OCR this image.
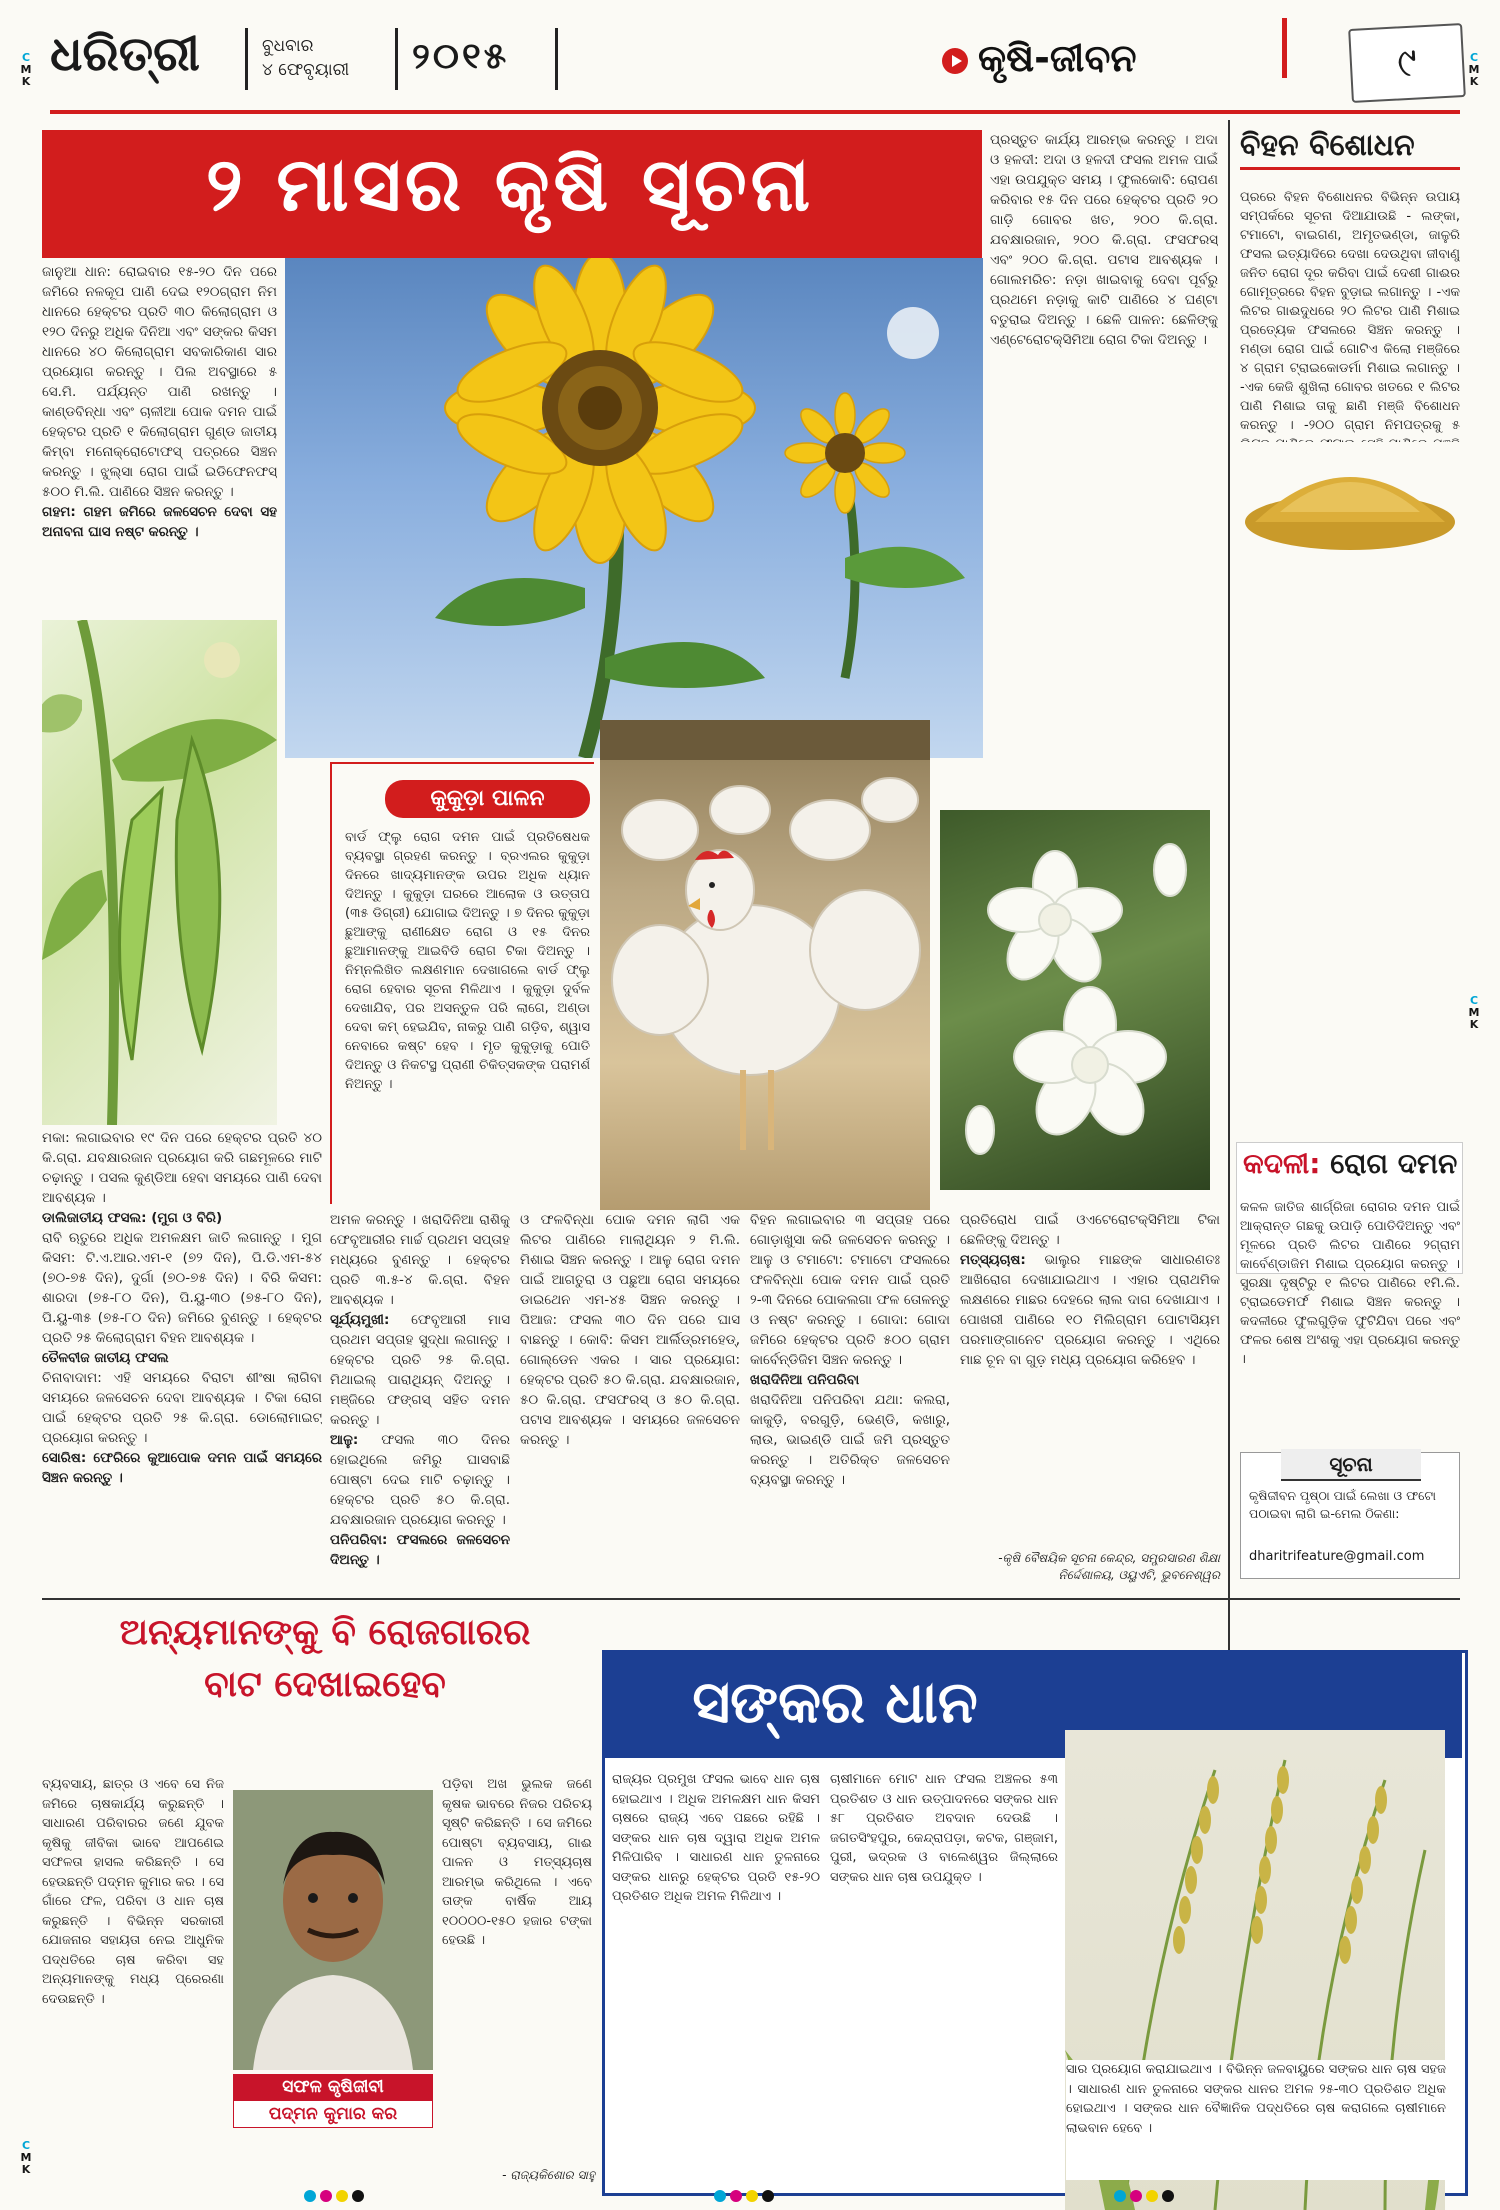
C
M
K
C
M
K
C
M
K
C
M
K
ଧରିତ୍ରୀ	ବୁଧବାର
୪ ଫେବୃୟାରୀ ୨୦୧୫	କୃଷି-ଜୀବନ	୯
୨ ମାସର କୃଷି ସୂଚନା
ଜାନୁଆ ଧାନ: ରୋଇବାର ୧୫-୨୦ ଦିନ ପରେ ଜମିରେ ନଳକୂପ ପାଣି ଦେଇ ୧୨୦ଗ୍ରାମ ନିମ ଧାନରେ ହେକ୍ଟର ପ୍ରତି ୩୦ କିଲୋଗ୍ରାମ ଓ ୧୨୦ ଦିନରୁ ଅଧିକ ଦିନିଆ ଏବଂ ସଙ୍କର କିସମ ଧାନରେ ୪୦ କିଲୋଗ୍ରାମ ସବକାରିକାଣ ସାର ପ୍ରୟୋଗ କରନ୍ତୁ । ପିଲ ଅବସ୍ଥାରେ ୫ ସେ.ମି. ପର୍ଯ୍ୟନ୍ତ ପାଣି ରଖନ୍ତୁ । କାଣ୍ଡବିନ୍ଧା ଏବଂ ଚାଳୀଆ ପୋକ ଦମନ ପାଇଁ ହେକ୍ଟର ପ୍ରତି ୧ କିଲୋଗ୍ରାମ ଗୁଣ୍ଡ ଜାତୀୟ କିମ୍ବା ମନୋକ୍ରୋଟୋଫସ୍ ପତ୍ରରେ ସିଞ୍ଚନ କରନ୍ତୁ । ଝୁଲ୍ସା ରୋଗ ପାଇଁ ଇଡିଫେନଫସ୍ ୫୦୦ ମି.ଲି. ପାଣିରେ ସିଞ୍ଚନ କରନ୍ତୁ ।
ଗହମ: ଗହମ ଜମିରେ ଜଳସେଚନ ଦେବା ସହ ଅନାବନା ଘାସ ନଷ୍ଟ କରନ୍ତୁ ।
କୁକୁଡ଼ା ପାଳନ
ବାର୍ଡ ଫ୍ଲୁ ରୋଗ ଦମନ ପାଇଁ ପ୍ରତିଷେଧକ ବ୍ୟବସ୍ଥା ଗ୍ରହଣ କରନ୍ତୁ । ବ୍ରଏଲର କୁକୁଡ଼ା ଦିନରେ ଖାଦ୍ୟମାନଙ୍କ ଉପର ଅଧିକ ଧ୍ୟାନ ଦିଅନ୍ତୁ । କୁକୁଡ଼ା ଘରରେ ଆଲୋକ ଓ ଉତ୍ତାପ (୩୫ ଡିଗ୍ରୀ) ଯୋଗାଇ ଦିଅନ୍ତୁ । ୭ ଦିନର କୁକୁଡ଼ା ଛୁଆଙ୍କୁ ରାଣୀକ୍ଷେତ ରୋଗ ଓ ୧୫ ଦିନର ଛୁଆମାନଙ୍କୁ ଆଇବିଡି ରୋଗ ଟିକା ଦିଅନ୍ତୁ । ନିମ୍ନଲିଖିତ ଲକ୍ଷଣମାନ ଦେଖାଗଲେ ବାର୍ଡ ଫ୍ଲୁ ରୋଗ ହେବାର ସୂଚନା ମିଳିଥାଏ । କୁକୁଡ଼ା ଦୁର୍ବଳ ଦେଖାଯିବ, ପର ଅସନ୍ତୁଳ ପରି ଲାଗେ, ଅଣ୍ଡା ଦେବା କମ୍ ହେଇଯିବ, ନାକରୁ ପାଣି ଗଡ଼ିବ, ଶ୍ୱାସ ନେବାରେ କଷ୍ଟ ହେବ । ମୃତ କୁକୁଡ଼ାକୁ ପୋତି ଦିଅନ୍ତୁ ଓ ନିକଟସ୍ଥ ପ୍ରାଣୀ ଚିକିତ୍ସକଙ୍କ ପରାମର୍ଶ ନିଅନ୍ତୁ ।
ପ୍ରସ୍ତୁତ କାର୍ଯ୍ୟ ଆରମ୍ଭ କରନ୍ତୁ । ଅଦା ଓ ହଳଦୀ: ଅଦା ଓ ହଳଦୀ ଫସଲ ଅମଳ ପାଇଁ ଏହା ଉପଯୁକ୍ତ ସମୟ । ଫୁଲକୋବି: ରୋପଣ କରିବାର ୧୫ ଦିନ ପରେ ହେକ୍ଟର ପ୍ରତି ୨୦ ଗାଡ଼ି ଗୋବର ଖତ, ୨୦୦ କି.ଗ୍ରା. ଯବକ୍ଷାରଜାନ, ୨୦୦ କି.ଗ୍ରା. ଫସଫରସ୍ ଏବଂ ୨୦୦ କି.ଗ୍ରା. ପଟାସ ଆବଶ୍ୟକ । ଗୋଲମରିଚ: ନଡ଼ା ଖାଇବାକୁ ଦେବା ପୂର୍ବରୁ ପ୍ରଥମେ ନଡ଼ାକୁ କାଟି ପାଣିରେ ୪ ଘଣ୍ଟା ବତୁରାଇ ଦିଅନ୍ତୁ । ଛେଳି ପାଳନ: ଛେଳିଙ୍କୁ ଏଣ୍ଟେରୋଟକ୍ସିମିଆ ରୋଗ ଟିକା ଦିଅନ୍ତୁ ।
ବିହନ ବିଶୋଧନ
ପ୍ରରେ ବିହନ ବିଶୋଧନର ବିଭିନ୍ନ ଉପାୟ ସମ୍ପର୍କରେ ସୂଚନା ଦିଆଯାଉଛି - ଲଙ୍କା, ଟମାଟୋ, ବାଇଗଣ, ଅମୃତଭଣ୍ଡା, ଜାଳୁରି ଫସଲ ଇତ୍ୟାଦିରେ ଦେଖା ଦେଉଥିବା ଜୀବାଣୁ ଜନିତ ରୋଗ ଦୂର କରିବା ପାଇଁ ଦେଶୀ ଗାଈର ଗୋମୂତ୍ରରେ ବିହନ ବୁଡ଼ାଇ ଲଗାନ୍ତୁ । -ଏକ ଲିଟର ଗାଈଦୁଧରେ ୨୦ ଲିଟର ପାଣି ମିଶାଇ ପ୍ରତ୍ୟେକ ଫସଲରେ ସିଞ୍ଚନ କରନ୍ତୁ । ମଣ୍ଡା ରୋଗ ପାଇଁ ଗୋଟିଏ କିଲୋ ମଞ୍ଜିରେ ୪ ଗ୍ରାମ ଟ୍ରାଇକୋଡର୍ମା ମିଶାଇ ଲଗାନ୍ତୁ । -ଏକ କେଜି ଶୁଖିଲା ଗୋବର ଖତରେ ୧ ଲିଟର ପାଣି ମିଶାଇ ତାକୁ ଛାଣି ମଞ୍ଜି ବିଶୋଧନ କରନ୍ତୁ । -୨୦୦ ଗ୍ରାମ ନିମପତ୍ରକୁ ୫
କଦଳୀ: ରୋଗ ଦମନ
କଳଳ ଜାତିଜ ଶାର୍ଗ୍ରିଜା ରୋଗର ଦମନ ପାଇଁ ଆକ୍ରାନ୍ତ ଗଛକୁ ଉପାଡ଼ି ପୋତିଦିଅନ୍ତୁ ଏବଂ ମୂଳରେ ପ୍ରତି ଲିଟର ପାଣିରେ ୨ଗ୍ରାମ କାର୍ବେଣ୍ଡାଜିମ ମିଶାଇ ପ୍ରୟୋଗ କରନ୍ତୁ । ସୁରକ୍ଷା ଦୃଷ୍ଟିରୁ ୧ ଲିଟର ପାଣିରେ ୧ମି.ଲି. ଟ୍ରାଇଡେମର୍ଫ ମିଶାଇ ସିଞ୍ଚନ କରନ୍ତୁ । କଦଳୀରେ ଫୁଲଗୁଡ଼ିକ ଫୁଟିଯିବା ପରେ ଏବଂ ଫଳର ଶେଷ ଅଂଶକୁ ଏହା ପ୍ରୟୋଗ କରନ୍ତୁ ।
ସୂଚନା
କୃଷିଜୀବନ ପୃଷ୍ଠା ପାଇଁ ଲେଖା ଓ ଫଟୋ ପଠାଇବା ଲାଗି ଇ-ମେଲ ଠିକଣା:
dharitrifeature@gmail.com
ମକା: ଲଗାଇବାର ୧୯ ଦିନ ପରେ ହେକ୍ଟର ପ୍ରତି ୪୦ କି.ଗ୍ରା. ଯବକ୍ଷାରଜାନ ପ୍ରୟୋଗ କରି ଗଛମୂଳରେ ମାଟି ଚଢ଼ାନ୍ତୁ । ପସଲ କୁଣ୍ଡିଆ ହେବା ସମୟରେ ପାଣି ଦେବା ଆବଶ୍ୟକ ।
ଡାଲିଜାତୀୟ ଫସଲ: (ମୁଗ ଓ ବିରି)
ରାବି ଋତୁରେ ଅଧିକ ଅମଳକ୍ଷମ ଜାତି ଲଗାନ୍ତୁ । ମୁଗ କିସମ: ଟି.ଏ.ଆର.ଏମ-୧ (୭୨ ଦିନ), ପି.ଡି.ଏମ-୫୪ (୭୦-୭୫ ଦିନ), ଦୁର୍ଗା (୭୦-୭୫ ଦିନ) । ବିରି କିସମ: ଶାରଦା (୭୫-୮୦ ଦିନ), ପି.ୟୁ-୩୦ (୭୫-୮୦ ଦିନ), ପି.ୟୁ-୩୫ (୭୫-୮୦ ଦିନ) ଜମିରେ ବୁଣନ୍ତୁ । ହେକ୍ଟର ପ୍ରତି ୨୫ କିଲୋଗ୍ରାମ ବିହନ ଆବଶ୍ୟକ ।
ତୈଳବୀଜ ଜାତୀୟ ଫସଲ
ଚିନାବାଦାମ: ଏହି ସମୟରେ ବିରାଟା ଶୀଂଷା ଲାଗିବା ସମୟରେ ଜଳସେଚନ ଦେବା ଆବଶ୍ୟକ । ଟିକା ରୋଗ ପାଇଁ ହେକ୍ଟର ପ୍ରତି ୨୫ କି.ଗ୍ରା. ଡୋଲୋମାଇଟ୍ ପ୍ରୟୋଗ କରନ୍ତୁ ।
ସୋରିଷ: ଫେରିରେ କୁଆପୋକ ଦମନ ପାଇଁ ସମୟରେ ସିଞ୍ଚନ କରନ୍ତୁ ।
ଅମଳ କରନ୍ତୁ । ଖରାଦିନିଆ ରାଶିକୁ ଫେବୃଆରୀର ମାର୍ଚ୍ଚ ପ୍ରଥମ ସପ୍ତାହ ମଧ୍ୟରେ ବୁଣନ୍ତୁ । ହେକ୍ଟର ପ୍ରତି ୩.୫-୪ କି.ଗ୍ରା. ବିହନ ଆବଶ୍ୟକ ।
ସୂର୍ଯ୍ୟମୁଖୀ: ଫେବୃଆରୀ ମାସ ପ୍ରଥମ ସପ୍ତାହ ସୁଦ୍ଧା ଲଗାନ୍ତୁ । ହେକ୍ଟର ପ୍ରତି ୨୫ କି.ଗ୍ରା. ମିଥାଇଲ୍ ପାରାଥିୟନ୍ ଦିଅନ୍ତୁ । ମଞ୍ଜିରେ ଫଙ୍ଗସ୍ ସହିତ ଦମନ କରନ୍ତୁ ।
ଆଳୁ: ଫସଲ ୩୦ ଦିନର ହୋଇଥିଲେ ଜମିରୁ ଘାସବାଛି ପୋଷ୍ଟା ଦେଇ ମାଟି ଚଢ଼ାନ୍ତୁ । ହେକ୍ଟର ପ୍ରତି ୫୦ କି.ଗ୍ରା. ଯବକ୍ଷାରଜାନ ପ୍ରୟୋଗ କରନ୍ତୁ ।
ପନିପରିବା: ଫସଲରେ ଜଳସେଚନ ଦିଅନ୍ତୁ ।
ଓ ଫଳବିନ୍ଧା ପୋକ ଦମନ ଲାଗି ଏକ ଲିଟର ପାଣିରେ ମାଲାଥିୟନ ୨ ମି.ଲି. ମିଶାଇ ସିଞ୍ଚନ କରନ୍ତୁ । ଆଳୁ ରୋଗ ଦମନ ପାଇଁ ଆଗତୁରା ଓ ପଛୁଆ ରୋଗ ସମୟରେ ଡାଇଥେନ ଏମ-୪୫ ସିଞ୍ଚନ କରନ୍ତୁ । ପିଆଜ: ଫସଲ ୩୦ ଦିନ ପରେ ଘାସ ବାଛନ୍ତୁ । କୋବି: କିସମ ଆର୍ଲିଡ୍ରମହେଡ୍, ଗୋଲ୍ଡେନ ଏକର । ସାର ପ୍ରୟୋଗ: ହେକ୍ଟର ପ୍ରତି ୫୦ କି.ଗ୍ରା. ଯବକ୍ଷାରଜାନ, ୫୦ କି.ଗ୍ରା. ଫସଫରସ୍ ଓ ୫୦ କି.ଗ୍ରା. ପଟାସ ଆବଶ୍ୟକ । ସମୟରେ ଜଳସେଚନ କରନ୍ତୁ ।
ବିହନ ଲଗାଇବାର ୩ ସପ୍ତାହ ପରେ ଗୋଡ଼ାଖୁସା କରି ଜଳସେଚନ କରନ୍ତୁ । ଆଳୁ ଓ ଟମାଟୋ: ଟମାଟୋ ଫସଲରେ ଫଳବିନ୍ଧା ପୋକ ଦମନ ପାଇଁ ପ୍ରତି ୨-୩ ଦିନରେ ପୋକଲଗା ଫଳ ତୋଳନ୍ତୁ ଓ ନଷ୍ଟ କରନ୍ତୁ । ଗୋଦା: ଗୋଦା ଜମିରେ ହେକ୍ଟର ପ୍ରତି ୫୦୦ ଗ୍ରାମ କାର୍ବେନ୍ଡିଜିମ ସିଞ୍ଚନ କରନ୍ତୁ ।
ଖରାଦିନିଆ ପନିପରିବା
ଖରାଦିନିଆ ପନିପରିବା ଯଥା: କଲରା, କାକୁଡ଼ି, ବରଗୁଡ଼ି, ଭେଣ୍ଡି, କଖାରୁ, ଲାଉ, ଭାଇଣ୍ଡି ପାଇଁ ଜମି ପ୍ରସ୍ତୁତ କରନ୍ତୁ । ଅତିରିକ୍ତ ଜଳସେଚନ ବ୍ୟବସ୍ଥା କରନ୍ତୁ ।
ପ୍ରତିରୋଧ ପାଇଁ ଓଏଟେରୋଟକ୍ସିମିଆ ଟିକା ଛେଳିଙ୍କୁ ଦିଅନ୍ତୁ ।
ମତ୍ସ୍ୟଚାଷ: ଭାଲୁର ମାଛଙ୍କ ସାଧାରଣତଃ ଆଖିରୋଗ ଦେଖାଯାଇଥାଏ । ଏହାର ପ୍ରାଥମିକ ଲକ୍ଷଣରେ ମାଛର ଦେହରେ ଲାଲ ଦାଗ ଦେଖାଯାଏ । ପୋଖରୀ ପାଣିରେ ୧୦ ମିଲିଗ୍ରାମ ପୋଟାସିୟମ ପରମାଙ୍ଗାନେଟ ପ୍ରୟୋଗ କରନ୍ତୁ । ଏଥିରେ ମାଛ ଚୂନ ବା ଗୁଡ଼ ମଧ୍ୟ ପ୍ରୟୋଗ କରିହେବ ।
-କୃଷି ବୈଷୟିକ ସୂଚନା କେନ୍ଦ୍ର, ସମ୍ପ୍ରସାରଣ ଶିକ୍ଷା ନିର୍ଦ୍ଦେଶାଳୟ, ଓୟୁଏଟି, ଭୁବନେଶ୍ୱର
ଅନ୍ୟମାନଙ୍କୁ ବି ରୋଜଗାରର
ବାଟ ଦେଖାଇହେବ
ବ୍ୟବସାୟ, ଛାତ୍ର ଓ ଏବେ ସେ ନିଜ ଜମିରେ ଚାଷକାର୍ଯ୍ୟ କରୁଛନ୍ତି । ସାଧାରଣ ପରିବାରର ଜଣେ ଯୁବକ କୃଷିକୁ ଜୀବିକା ଭାବେ ଆପଣେଇ ସଫଳତା ହାସଲ କରିଛନ୍ତି । ସେ ହେଉଛନ୍ତି ପଦ୍ମନ କୁମାର କର । ସେ ଗାଁରେ ଫଳ, ପରିବା ଓ ଧାନ ଚାଷ କରୁଛନ୍ତି । ବିଭିନ୍ନ ସରକାରୀ ଯୋଜନାର ସହାୟତା ନେଇ ଆଧୁନିକ ପଦ୍ଧତିରେ ଚାଷ କରିବା ସହ ଅନ୍ୟମାନଙ୍କୁ ମଧ୍ୟ ପ୍ରେରଣା ଦେଉଛନ୍ତି ।
ସଫଳ କୃଷିଜୀବୀ
ପଦ୍ମନ କୁମାର କର
ପଡ଼ିବା ଅଖ ଭୁଲକ ଜଣେ କୃଷକ ଭାବରେ ନିଜର ପରିଚୟ ସୃଷ୍ଟି କରିଛନ୍ତି । ସେ ଜମିରେ ପୋଷ୍ଟା ବ୍ୟବସାୟ, ଗାଈ ପାଳନ ଓ ମତ୍ସ୍ୟଚାଷ ଆରମ୍ଭ କରିଥିଲେ । ଏବେ ତାଙ୍କ ବାର୍ଷିକ ଆୟ ୧୦୦୦୦-୧୫୦ ହଜାର ଟଙ୍କା ହେଉଛି ।
- ରାଜ୍ୟକିଶୋର ସାହୁ
ସଙ୍କର ଧାନ
ରାଜ୍ୟର ପ୍ରମୁଖ ଫସଲ ଭାବେ ଧାନ ଚାଷ ହୋଇଥାଏ । ଅଧିକ ଅମଳକ୍ଷମ ଧାନ କିସମ ଚାଷରେ ରାଜ୍ୟ ଏବେ ପଛରେ ରହିଛି । ସଙ୍କର ଧାନ ଚାଷ ଦ୍ୱାରା ଅଧିକ ଅମଳ ମିଳିପାରିବ । ସାଧାରଣ ଧାନ ତୁଳନାରେ ସଙ୍କର ଧାନରୁ ହେକ୍ଟର ପ୍ରତି ୧୫-୨୦ ପ୍ରତିଶତ ଅଧିକ ଅମଳ ମିଳିଥାଏ ।
ଚାଷୀମାନେ ମୋଟ ଧାନ ଫସଲ ଅଞ୍ଚଳର ୫୩ ପ୍ରତିଶତ ଓ ଧାନ ଉତ୍ପାଦନରେ ସଙ୍କର ଧାନ ୫୮ ପ୍ରତିଶତ ଅବଦାନ ଦେଉଛି । ଜଗତସିଂହପୁର, କେନ୍ଦ୍ରାପଡ଼ା, କଟକ, ଗଞ୍ଜାମ, ପୁରୀ, ଭଦ୍ରକ ଓ ବାଲେଶ୍ୱର ଜିଲ୍ଲାରେ ସଙ୍କର ଧାନ ଚାଷ ଉପଯୁକ୍ତ ।
ସାର ପ୍ରୟୋଗ କରାଯାଇଥାଏ । ବିଭିନ୍ନ ଜଳବାୟୁରେ ସଙ୍କର ଧାନ ଚାଷ ସହଜ । ସାଧାରଣ ଧାନ ତୁଳନାରେ ସଙ୍କର ଧାନର ଅମଳ ୨୫-୩୦ ପ୍ରତିଶତ ଅଧିକ ହୋଇଥାଏ । ସଙ୍କର ଧାନ ବୈଜ୍ଞାନିକ ପଦ୍ଧତିରେ ଚାଷ କରାଗଲେ ଚାଷୀମାନେ ଲାଭବାନ ହେବେ ।
